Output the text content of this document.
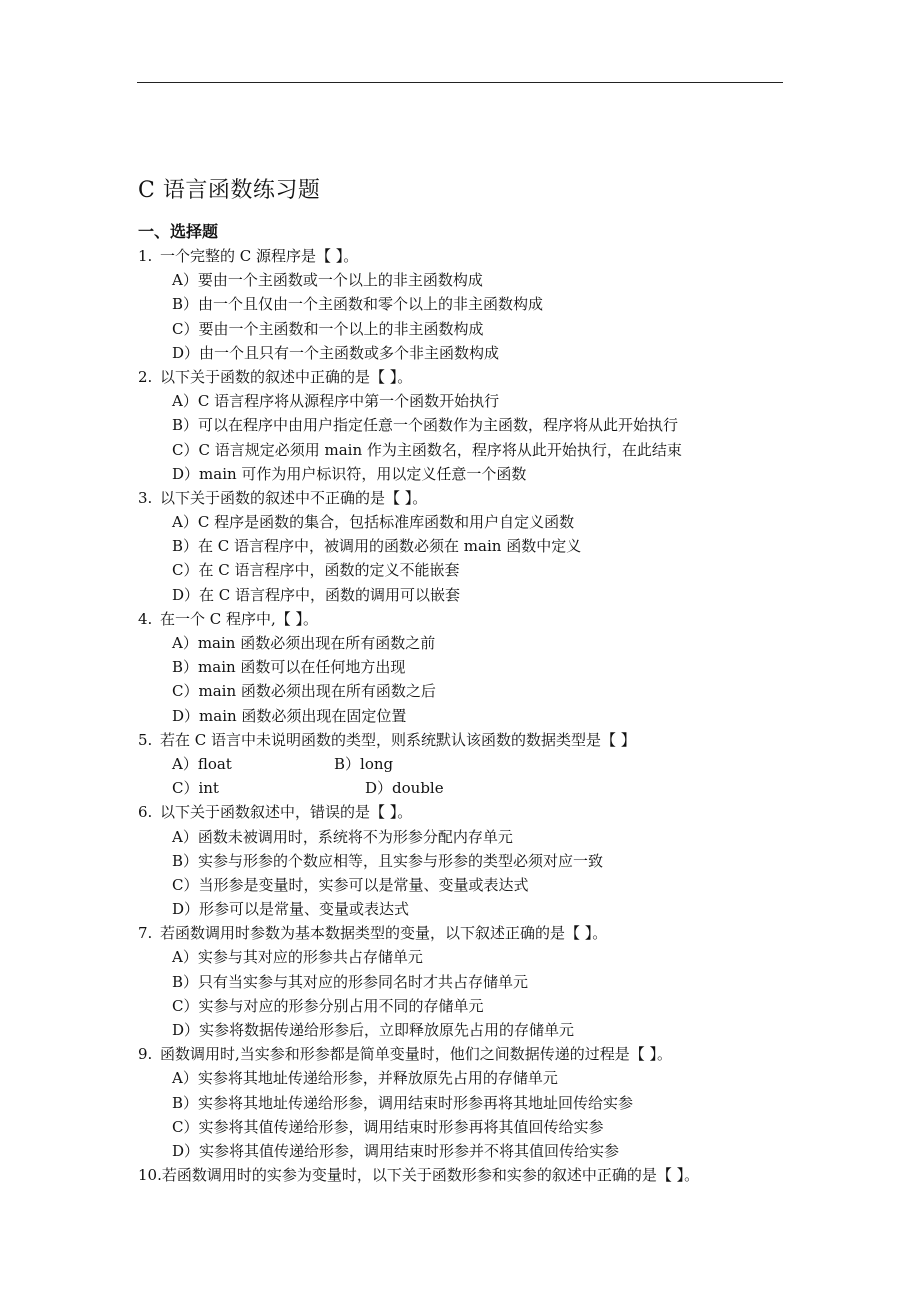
C 语言函数练习题
一、选择题
1. 一个完整的 C 源程序是【 】。
A）要由一个主函数或一个以上的非主函数构成
B）由一个且仅由一个主函数和零个以上的非主函数构成
C）要由一个主函数和一个以上的非主函数构成
D）由一个且只有一个主函数或多个非主函数构成
2. 以下关于函数的叙述中正确的是【 】。
A）C 语言程序将从源程序中第一个函数开始执行
B）可以在程序中由用户指定任意一个函数作为主函数，程序将从此开始执行
C）C 语言规定必须用 main 作为主函数名，程序将从此开始执行，在此结束
D）main 可作为用户标识符，用以定义任意一个函数
3. 以下关于函数的叙述中不正确的是【 】。
A）C 程序是函数的集合，包括标准库函数和用户自定义函数
B）在 C 语言程序中，被调用的函数必须在 main 函数中定义
C）在 C 语言程序中，函数的定义不能嵌套
D）在 C 语言程序中，函数的调用可以嵌套
4. 在一个 C 程序中,【 】。
A）main 函数必须出现在所有函数之前
B）main 函数可以在任何地方出现
C）main 函数必须出现在所有函数之后
D）main 函数必须出现在固定位置
5. 若在 C 语言中未说明函数的类型，则系统默认该函数的数据类型是【 】
A）float	B）long
C）int	D）double
6. 以下关于函数叙述中，错误的是【 】。
A）函数未被调用时，系统将不为形参分配内存单元
B）实参与形参的个数应相等，且实参与形参的类型必须对应一致
C）当形参是变量时，实参可以是常量、变量或表达式
D）形参可以是常量、变量或表达式
7. 若函数调用时参数为基本数据类型的变量，以下叙述正确的是【 】。
A）实参与其对应的形参共占存储单元
B）只有当实参与其对应的形参同名时才共占存储单元
C）实参与对应的形参分别占用不同的存储单元
D）实参将数据传递给形参后，立即释放原先占用的存储单元
9. 函数调用时,当实参和形参都是简单变量时，他们之间数据传递的过程是【 】。
A）实参将其地址传递给形参，并释放原先占用的存储单元
B）实参将其地址传递给形参，调用结束时形参再将其地址回传给实参
C）实参将其值传递给形参，调用结束时形参再将其值回传给实参
D）实参将其值传递给形参，调用结束时形参并不将其值回传给实参
10.若函数调用时的实参为变量时，以下关于函数形参和实参的叙述中正确的是【 】。
